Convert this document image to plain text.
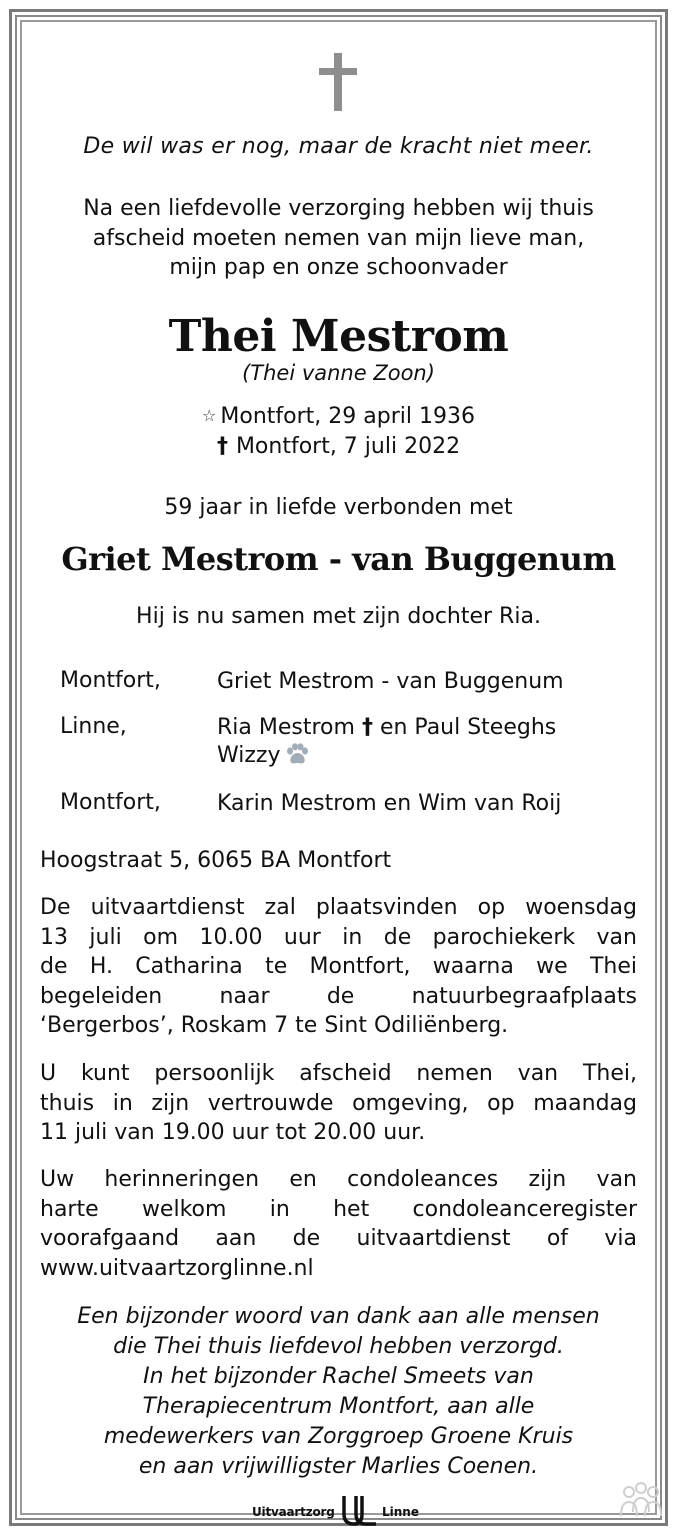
De wil was er nog, maar de kracht niet meer.
Na een liefdevolle verzorging hebben wij thuis
afscheid moeten nemen van mijn lieve man,
mijn pap en onze schoonvader
Thei Mestrom
(Thei vanne Zoon)
☆ Montfort, 29 april 1936
† Montfort, 7 juli 2022
59 jaar in liefde verbonden met
Griet Mestrom - van Buggenum
Hij is nu samen met zijn dochter Ria.
Montfort,	Griet Mestrom - van Buggenum
Linne,	Ria Mestrom † en Paul Steeghs
Wizzy
Montfort,	Karin Mestrom en Wim van Roij
Hoogstraat 5, 6065 BA Montfort
De uitvaartdienst zal plaatsvinden op woensdag
13 juli om 10.00 uur in de parochiekerk van
de H. Catharina te Montfort, waarna we Thei
begeleiden naar de natuurbegraafplaats
‘Bergerbos’, Roskam 7 te Sint Odiliënberg.
U kunt persoonlijk afscheid nemen van Thei,
thuis in zijn vertrouwde omgeving, op maandag
11 juli van 19.00 uur tot 20.00 uur.
Uw herinneringen en condoleances zijn van
harte welkom in het condoleanceregister
voorafgaand aan de uitvaartdienst of via
www.uitvaartzorglinne.nl
Een bijzonder woord van dank aan alle mensen
die Thei thuis liefdevol hebben verzorgd.
In het bijzonder Rachel Smeets van
Therapiecentrum Montfort, aan alle
medewerkers van Zorggroep Groene Kruis
en aan vrijwilligster Marlies Coenen.
Uitvaartzorg	Linne
